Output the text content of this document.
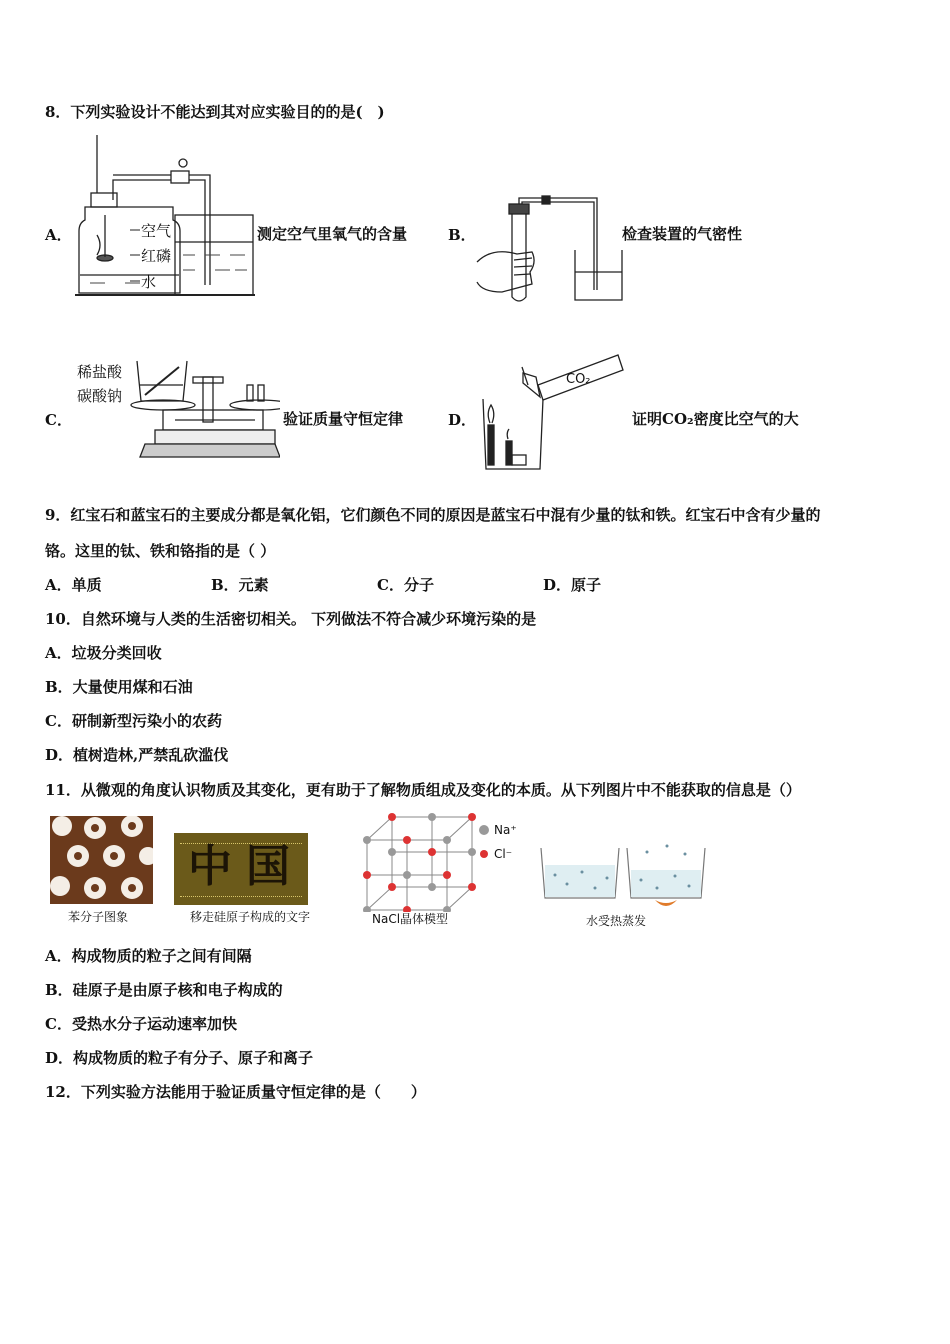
8．下列实验设计不能达到其对应实验目的的是(　)
A．	空气
红磷
水
测定空气里氧气的含量	B．	检查装置的气密性
C．
稀盐酸
碳酸钠
验证质量守恒定律	D．
CO₂
证明CO₂密度比空气的大
9．红宝石和蓝宝石的主要成分都是氧化铝，它们颜色不同的原因是蓝宝石中混有少量的钛和铁。红宝石中含有少量的
铬。这里的钛、铁和铬指的是（ ）
A．单质	B．元素	C．分子	D．原子
10．自然环境与人类的生活密切相关。 下列做法不符合减少环境污染的是
A．垃圾分类回收
B．大量使用煤和石油
C．研制新型污染小的农药
D．植树造林,严禁乱砍滥伐
11．从微观的角度认识物质及其变化，更有助于了解物质组成及变化的本质。从下列图片中不能获取的信息是（）
苯分子图象
中 国
移走硅原子构成的文字
Na⁺
Cl⁻
NaCl晶体模型	水受热蒸发
A．构成物质的粒子之间有间隔
B．硅原子是由原子核和电子构成的
C．受热水分子运动速率加快
D．构成物质的粒子有分子、原子和离子
12．下列实验方法能用于验证质量守恒定律的是（　　）
